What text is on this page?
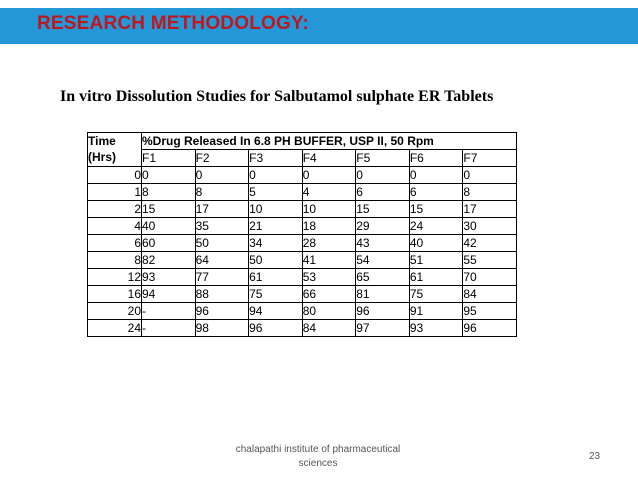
RESEARCH METHODOLOGY:
In vitro Dissolution Studies for Salbutamol sulphate ER Tablets
Time
(Hrs)	%Drug Released In 6.8 PH BUFFER, USP II, 50 Rpm						
	F1	F2	F3	F4	F5	F6	F7
0	0	0	0	0	0	0	0
1	8	8	5	4	6	6	8
2	15	17	10	10	15	15	17
4	40	35	21	18	29	24	30
6	60	50	34	28	43	40	42
8	82	64	50	41	54	51	55
12	93	77	61	53	65	61	70
16	94	88	75	66	81	75	84
20	-	96	94	80	96	91	95
24	-	98	96	84	97	93	96
chalapathi institute of pharmaceutical
sciences
23
